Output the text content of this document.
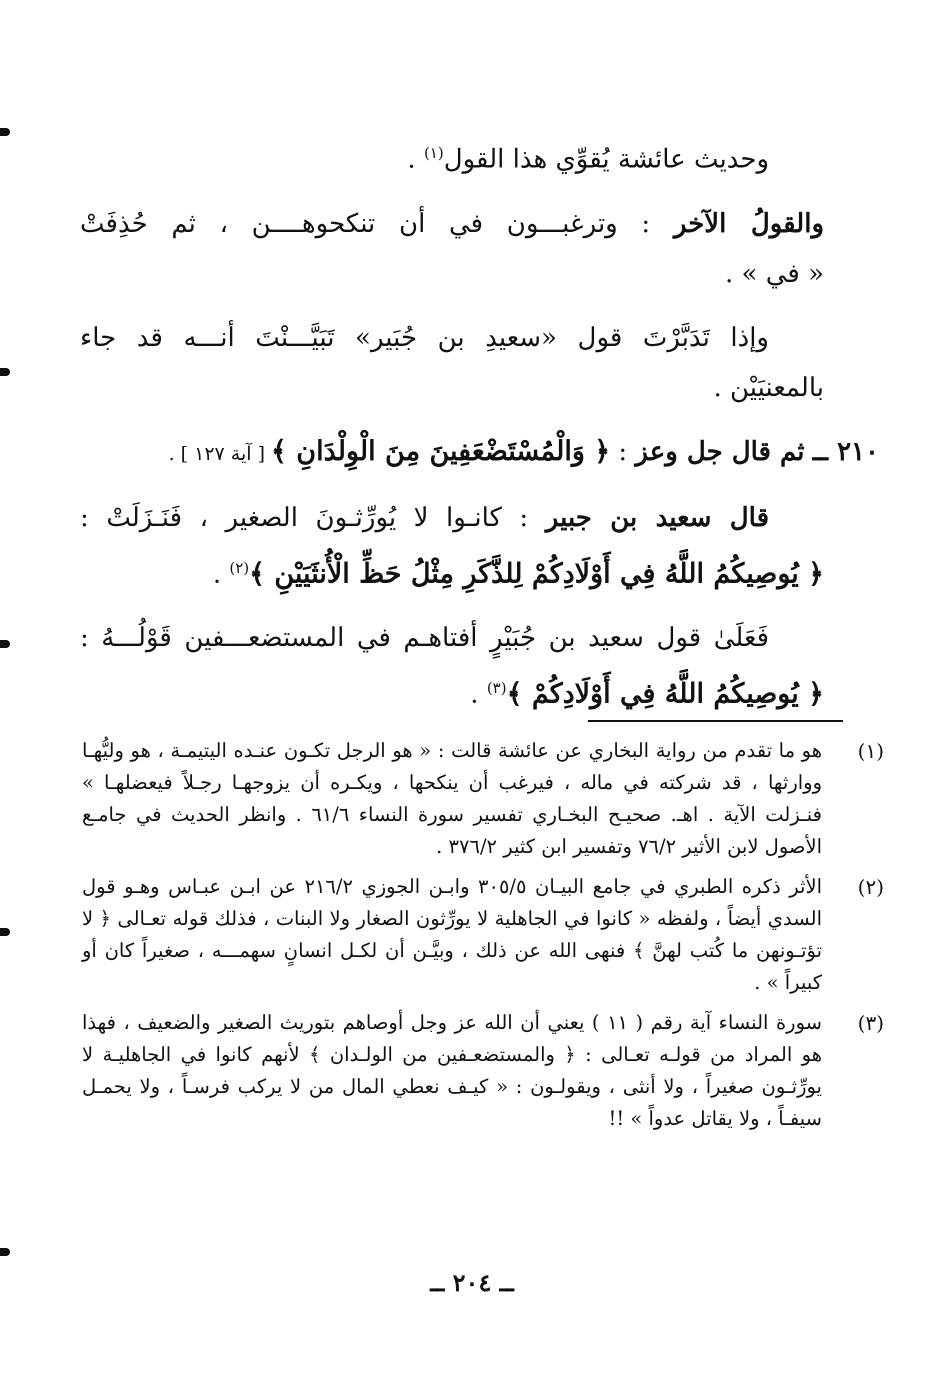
وحديث عائشة يُقوِّي هذا القول$^{(١)}$ .
والقولُ الآخر : وترغبـــون في أن تنكحوهــــن ، ثم حُذِفَتْ
« في » .
وإذا تَدَبَّرْتَ قول «سعيدِ بن جُبَير» تَبَيَّـــنْتَ أنـــه قد جاء
بالمعنيَيْن .
٢١٠ ــ ثم قال جل وعز : ﴿ وَالْمُسْتَضْعَفِينَ مِنَ الْوِلْدَانِ ﴾ [ آية ١٢٧ ] .
قال سعيد بن جبير : كانـوا لا يُورِّثـونَ الصغير ، فَنَـزَلَتْ :
﴿ يُوصِيكُمُ اللَّهُ فِي أَوْلَادِكُمْ لِلذَّكَرِ مِثْلُ حَظِّ الْأُنثَيَيْنِ ﴾$^{(٢)}$ .
فَعَلَىٰ قول سعيد بن جُبَيْرٍ أفتاهـم في المستضعـــفين قَوْلُـــهُ :
﴿ يُوصِيكُمُ اللَّهُ فِي أَوْلَادِكُمْ ﴾$^{(٣)}$ .
(١)
هو ما تقدم من رواية البخاري عن عائشة قالت : « هو الرجل تكـون عنـده اليتيمـة ، هو وليُّهـا ووارثها ، قد شركته في ماله ، فيرغب أن ينكحها ، ويكـره أن يزوجهـا رجـلاً فيعضلهـا » فنـزلت الآية . اهـ. صحيـح البخـاري تفسير سورة النساء ٦١/٦ . وانظر الحديث في جامـع الأصول لابن الأثير ٧٦/٢ وتفسير ابن كثير ٣٧٦/٢ .
(٢)
الأثر ذكره الطبري في جامع البيـان ٣٠٥/٥ وابـن الجوزي ٢١٦/٢ عن ابـن عبـاس وهـو قول السدي أيضاً ، ولفظه « كانوا في الجاهلية لا يورِّثون الصغار ولا البنات ، فذلك قوله تعـالى ﴿ لا تؤتـونهن ما كُتب لهنَّ ﴾ فنهى الله عن ذلك ، وبيَّـن أن لكـل انسانٍ سهمـــه ، صغيراً كان أو كبيراً » .
(٣)
سورة النساء آية رقم ( ١١ ) يعني أن الله عز وجل أوصاهم بتوريث الصغير والضعيف ، فهذا هو المراد من قولـه تعـالى : ﴿ والمستضعـفين من الولـدان ﴾ لأنهم كانوا في الجاهليـة لا يورِّثـون صغيراً ، ولا أنثى ، ويقولـون : « كيـف نعطي المال من لا يركب فرسـاً ، ولا يحمـل سيفـاً ، ولا يقاتل عدواً » !!
ــ ٢٠٤ ــ
